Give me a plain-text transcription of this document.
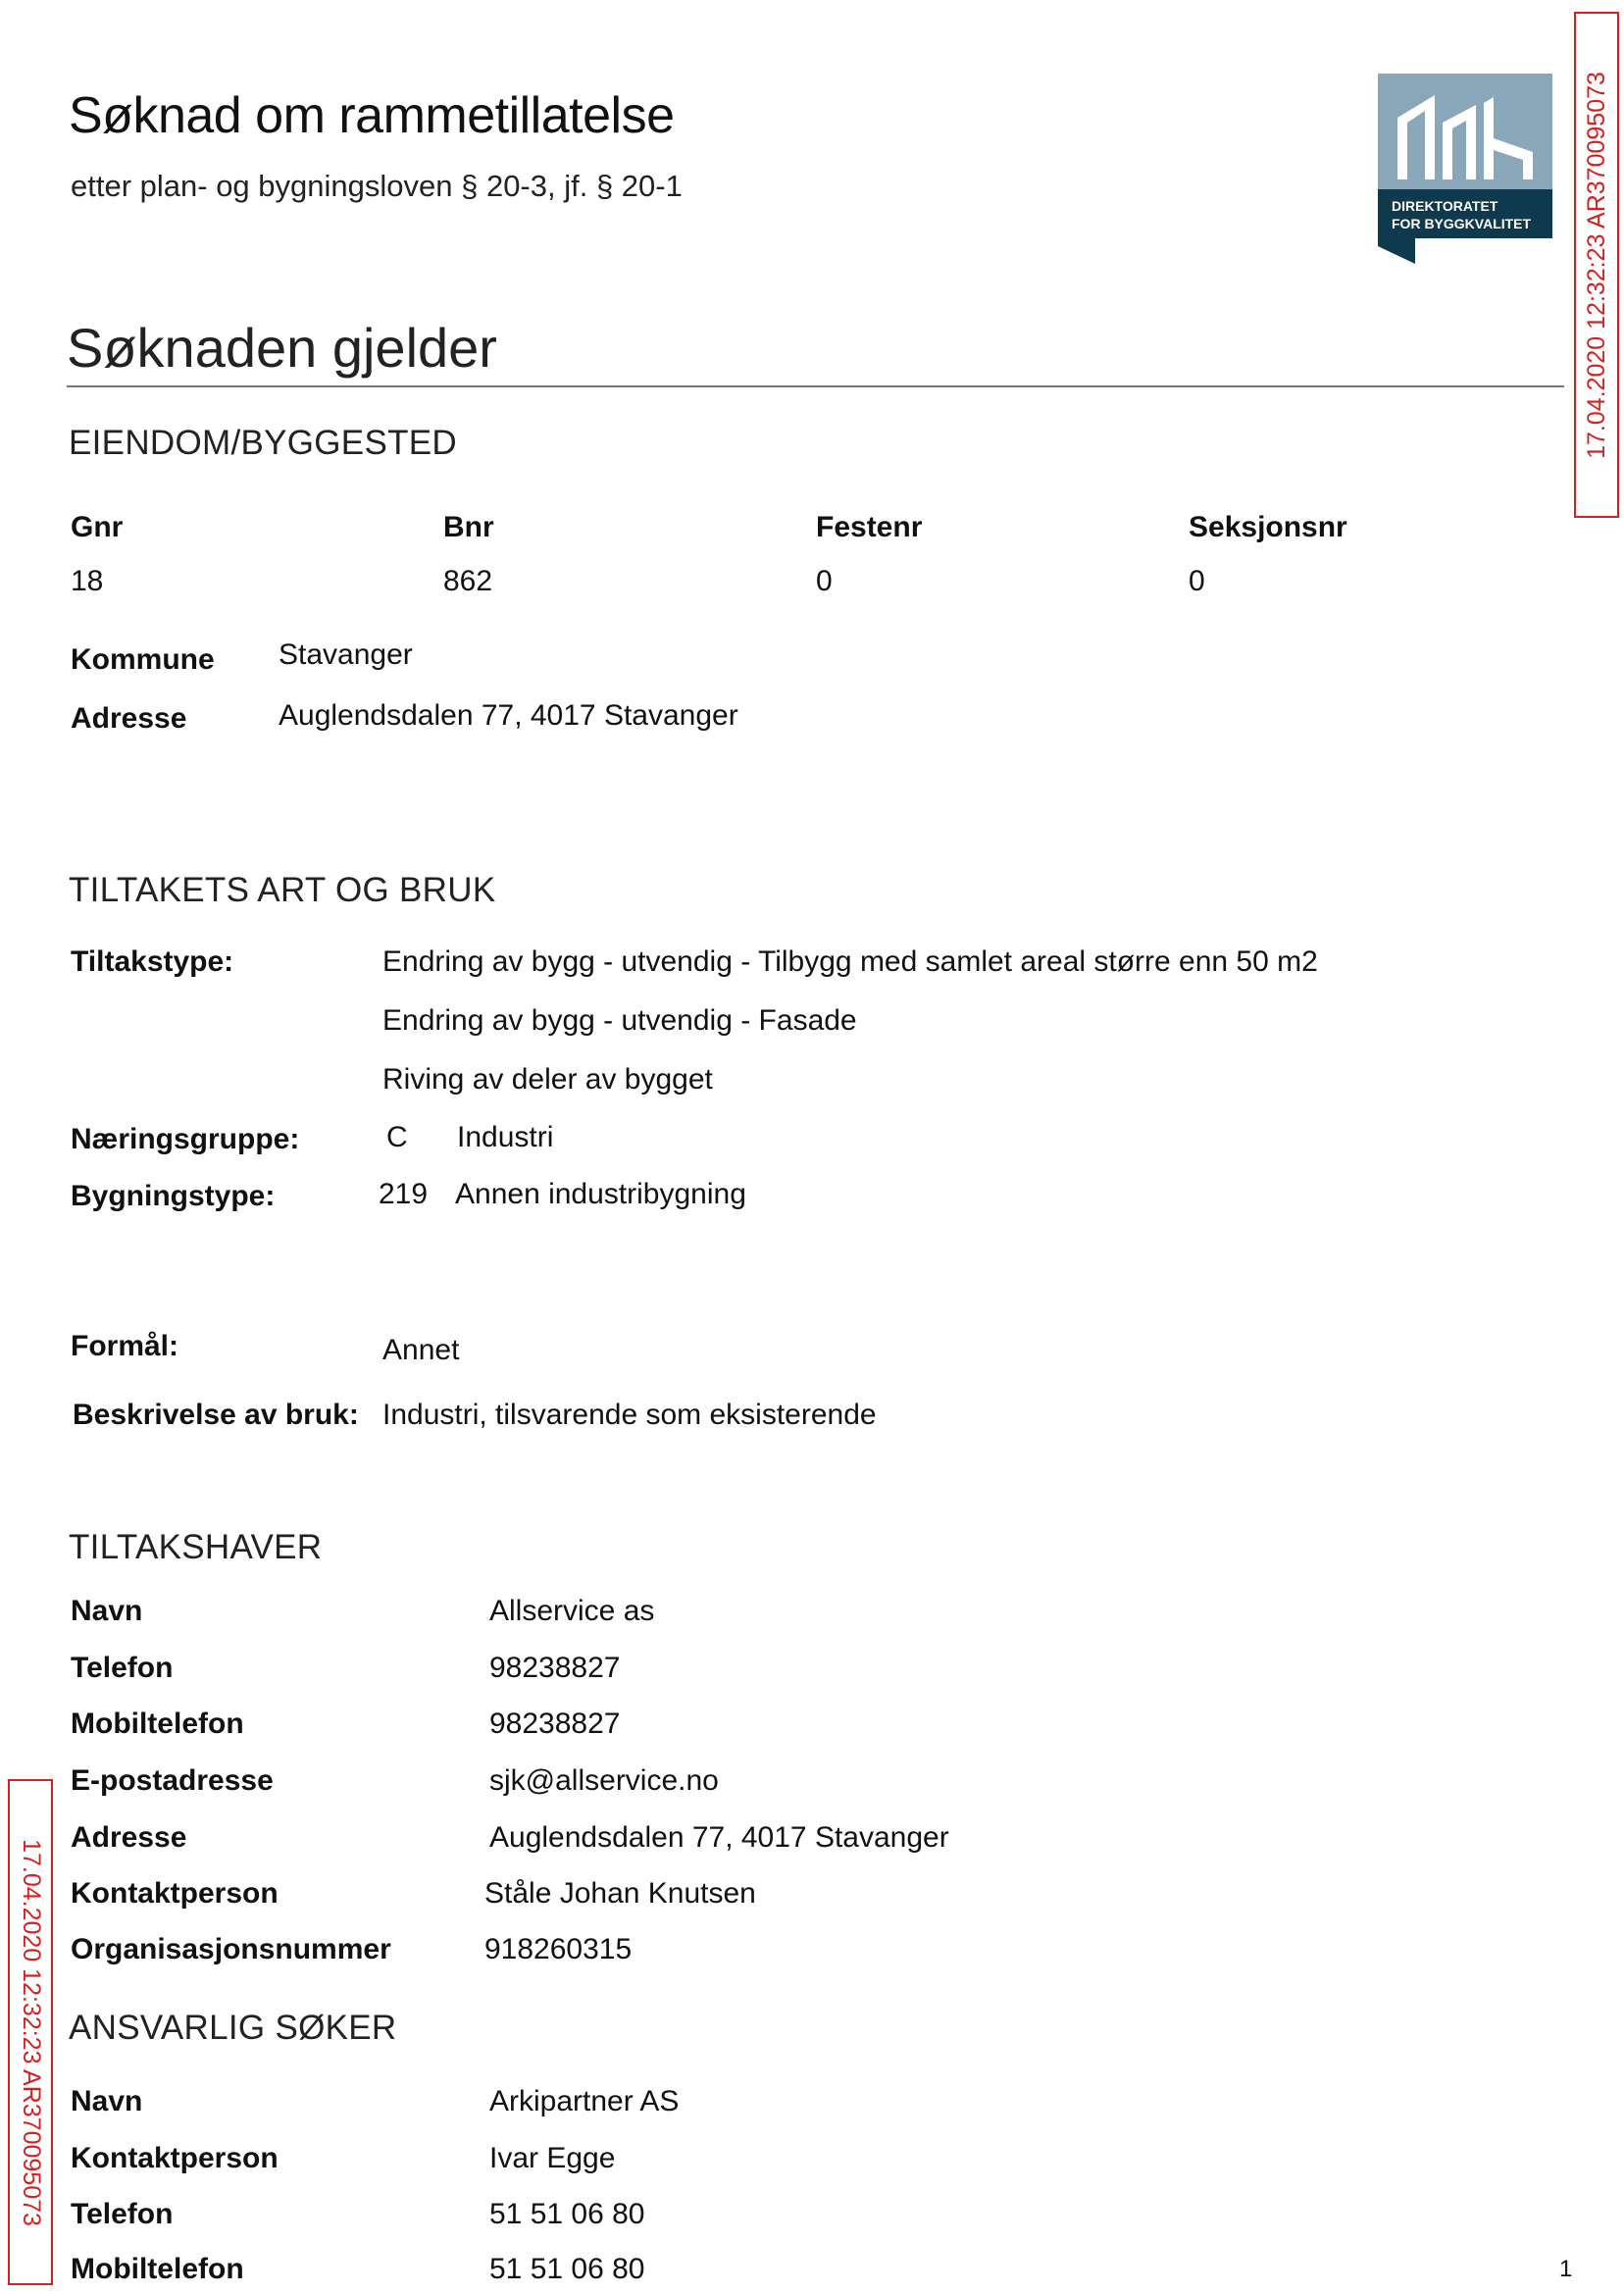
Søknad om rammetillatelse
etter plan- og bygningsloven § 20-3, jf. § 20-1
DIREKTORATET
FOR BYGGKVALITET
Søknaden gjelder
EIENDOM/BYGGESTED
Gnr	Bnr	Festenr	Seksjonsnr
18	862	0	0
Kommune Stavanger
Adresse	Auglendsdalen 77, 4017 Stavanger
TILTAKETS ART OG BRUK
Tiltakstype:	Endring av bygg - utvendig - Tilbygg med samlet areal større enn 50 m2
Endring av bygg - utvendig - Fasade
Riving av deler av bygget
Næringsgruppe:	C Industri
Bygningstype:	219 Annen industribygning
Formål:	Annet
Beskrivelse av bruk: Industri, tilsvarende som eksisterende
TILTAKSHAVER
Navn	Allservice as
Telefon	98238827
Mobiltelefon	98238827
E-postadresse	sjk@allservice.no
Adresse	Auglendsdalen 77, 4017 Stavanger
Kontaktperson	Ståle Johan Knutsen
Organisasjonsnummer	918260315
ANSVARLIG SØKER
Navn	Arkipartner AS
Kontaktperson	Ivar Egge
Telefon	51 51 06 80
Mobiltelefon	51 51 06 80
17.04.2020 12:32:23 AR370095073
17.04.2020 12:32:23 AR370095073
1
